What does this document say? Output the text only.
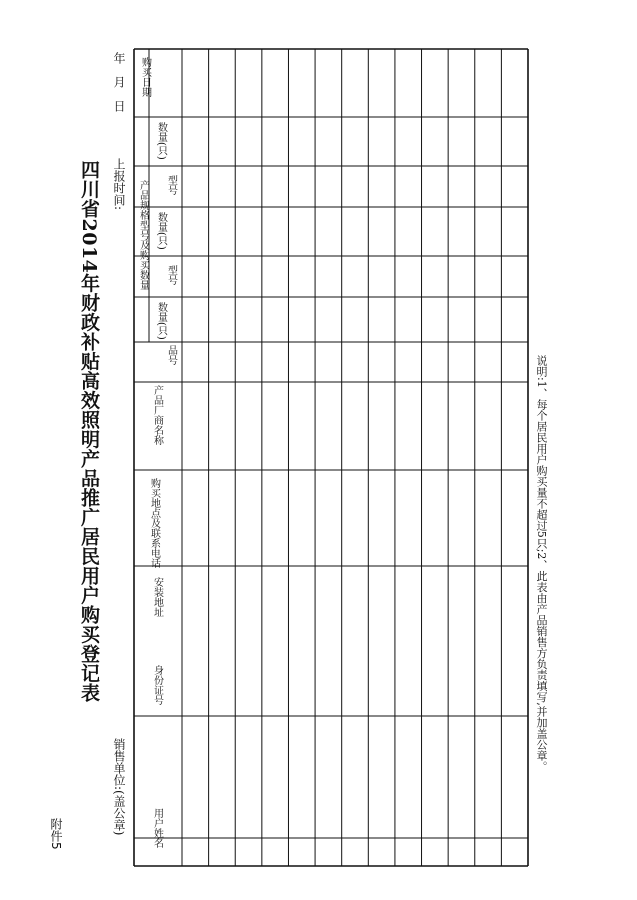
附件5
四川省2014年财政补贴高效照明产品推广居民用户购买登记表
销售单位:(盖公章)
上报时间:
年月日
用户姓名
身份证号
安装地址
购买地点及联系电话
产品厂商名称
产品规格型号及购买数量
品号
数量(只)
型号
数量(只)
型号
数量(只)
购买日期
说明:1、每个居民用户购买量不超过5只;2、此表由产品销售方负责填写,并加盖公章。
